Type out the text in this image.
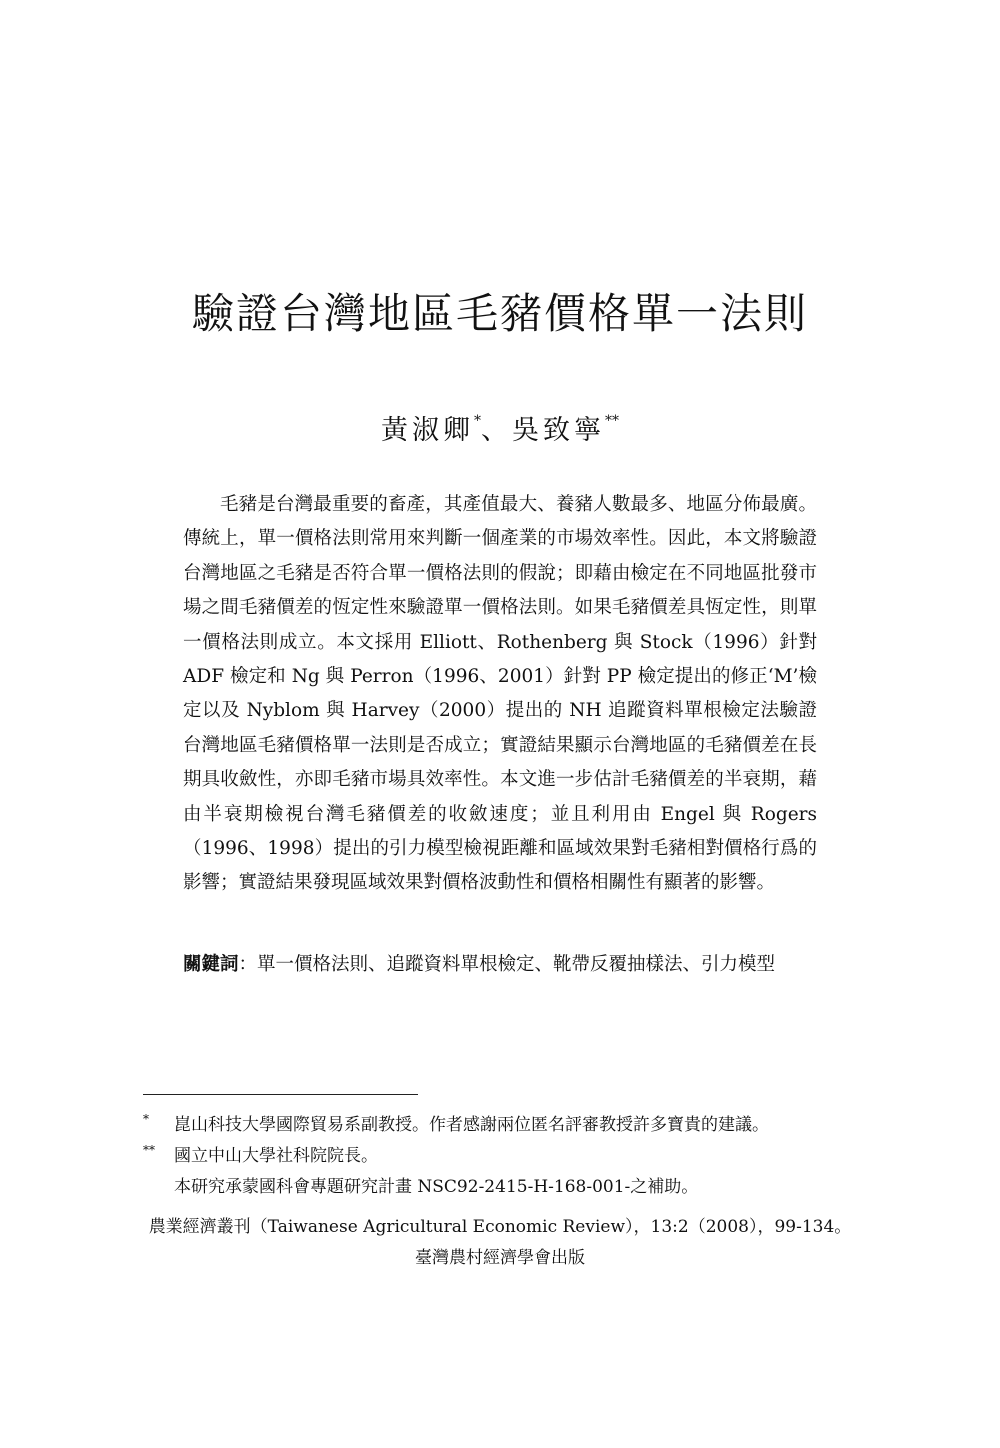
驗證台灣地區毛豬價格單一法則
黃淑卿*、吳致寧**

毛豬是台灣最重要的畜產，其產值最大、養豬人數最多、地區分佈最廣。傳統上，單一價格法則常用來判斷一個產業的市場效率性。因此，本文將驗證台灣地區之毛豬是否符合單一價格法則的假說；即藉由檢定在不同地區批發市場之間毛豬價差的恆定性來驗證單一價格法則。如果毛豬價差具恆定性，則單一價格法則成立。本文採用 Elliott、Rothenberg 與 Stock（1996）針對 ADF 檢定和 Ng 與 Perron（1996、2001）針對 PP 檢定提出的修正‘M’檢定以及 Nyblom 與 Harvey（2000）提出的 NH 追蹤資料單根檢定法驗證台灣地區毛豬價格單一法則是否成立；實證結果顯示台灣地區的毛豬價差在長期具收斂性，亦即毛豬市場具效率性。本文進一步估計毛豬價差的半衰期，藉由半衰期檢視台灣毛豬價差的收斂速度；並且利用由 Engel 與 Rogers（1996、1998）提出的引力模型檢視距離和區域效果對毛豬相對價格行爲的影響；實證結果發現區域效果對價格波動性和價格相關性有顯著的影響。

關鍵詞：單一價格法則、追蹤資料單根檢定、靴帶反覆抽樣法、引力模型
* 崑山科技大學國際貿易系副教授。作者感謝兩位匿名評審教授許多寶貴的建議。
** 國立中山大學社科院院長。
本研究承蒙國科會專題研究計畫 NSC92-2415-H-168-001-之補助。
農業經濟叢刊（Taiwanese Agricultural Economic Review），13:2（2008），99-134。
臺灣農村經濟學會出版
